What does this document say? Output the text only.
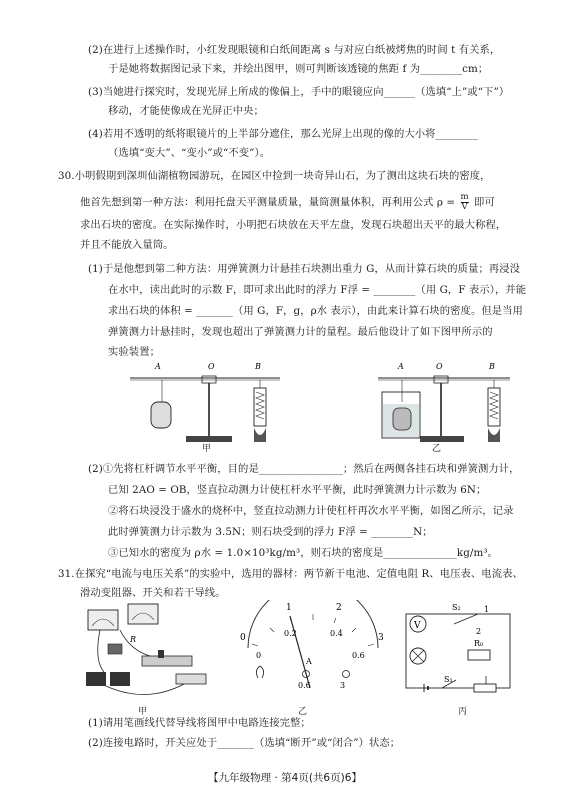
(2)在进行上述操作时，小红发现眼镜和白纸间距离 s 与对应白纸被烤焦的时间 t 有关系，
于是她将数据图记录下来，并绘出图甲，则可判断该透镜的焦距 f 为________cm；
(3)当她进行探究时，发现光屏上所成的像偏上，手中的眼镜应向______（选填“上”或“下”）
移动，才能使像成在光屏正中央；
(4)若用不透明的纸将眼镜片的上半部分遮住，那么光屏上出现的像的大小将________
（选填“变大”、“变小”或“不变”）。
30.小明假期到深圳仙湖植物园游玩，在园区中捡到一块奇异山石，为了测出这块石块的密度，
他首先想到第一种方法：利用托盘天平测量质量，量筒测量体积，再利用公式 $\rho = \frac{m}{V}$ 即可
求出石块的密度。在实际操作时，小明把石块放在天平左盘，发现石块超出天平的最大称程，
并且不能放入量筒。
(1)于是他想到第二种方法：用弹簧测力计悬挂石块测出重力 G，从而计算石块的质量；再浸没
在水中，读出此时的示数 F，即可求出此时的浮力 F浮 = ________（用 G，F 表示），并能
求出石块的体积 = _______（用 G，F，g，ρ水 表示），由此来计算石块的密度。但是当用
弹簧测力计悬挂时，发现也超出了弹簧测力计的量程。最后他设计了如下图甲所示的
实验装置；
A	O	B
甲
A	O	B
乙
(2)①先将杠杆调节水平平衡，目的是________________；然后在两侧各挂石块和弹簧测力计，
已知 2AO = OB，竖直拉动测力计使杠杆水平平衡，此时弹簧测力计示数为 6N；
②将石块浸没于盛水的烧杯中，竖直拉动测力计使杠杆再次水平平衡，如图乙所示，记录
此时弹簧测力计示数为 3.5N；则石块受到的浮力 F浮 = ________N；
③已知水的密度为 ρ水 = 1.0×10³kg/m³，则石块的密度是______________kg/m³。
31.在探究“电流与电压关系”的实验中，选用的器材：两节新干电池、定值电阻 R、电压表、电流表、
滑动变阻器、开关和若干导线。
R
甲
0
1	2
3
0
0.2	0.4
0.6
A
0.6	3
乙
V
S₂	1
2
R₀
S₁
丙
(1)请用笔画线代替导线将图甲中电路连接完整；
(2)连接电路时，开关应处于_______（选填“断开”或“闭合”）状态；
【九年级物理 · 第4页(共6页)6】
